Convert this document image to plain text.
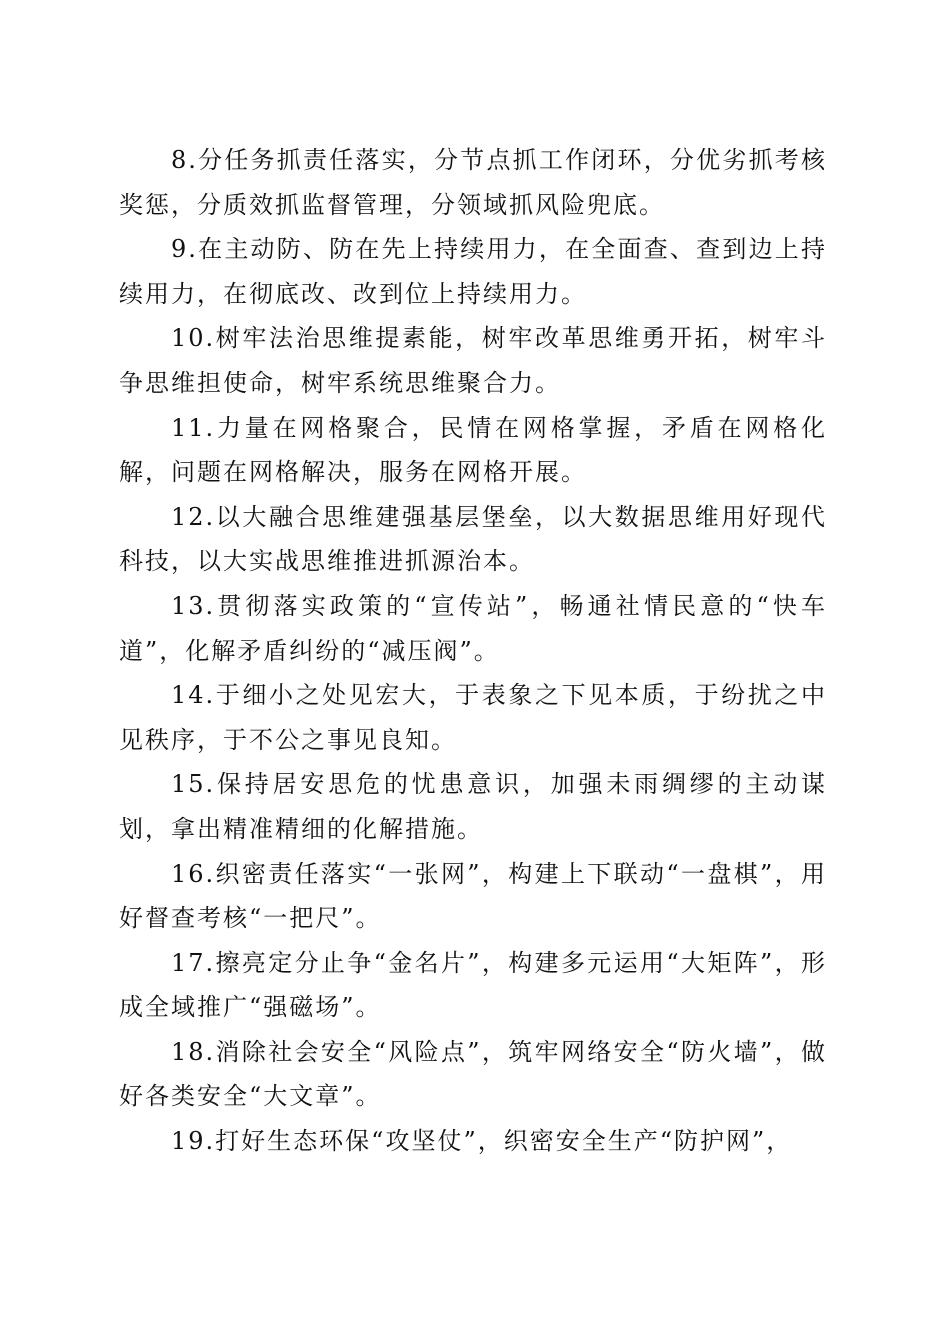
8.分任务抓责任落实，分节点抓工作闭环，分优劣抓考核奖惩，分质效抓监督管理，分领域抓风险兜底。

9.在主动防、防在先上持续用力，在全面查、查到边上持续用力，在彻底改、改到位上持续用力。

10.树牢法治思维提素能，树牢改革思维勇开拓，树牢斗争思维担使命，树牢系统思维聚合力。

11.力量在网格聚合，民情在网格掌握，矛盾在网格化解，问题在网格解决，服务在网格开展。

12.以大融合思维建强基层堡垒，以大数据思维用好现代科技，以大实战思维推进抓源治本。

13.贯彻落实政策的“宣传站”，畅通社情民意的“快车道”，化解矛盾纠纷的“减压阀”。

14.于细小之处见宏大，于表象之下见本质，于纷扰之中见秩序，于不公之事见良知。

15.保持居安思危的忧患意识，加强未雨绸缪的主动谋划，拿出精准精细的化解措施。

16.织密责任落实“一张网”，构建上下联动“一盘棋”，用好督查考核“一把尺”。

17.擦亮定分止争“金名片”，构建多元运用“大矩阵”，形成全域推广“强磁场”。

18.消除社会安全“风险点”，筑牢网络安全“防火墙”，做好各类安全“大文章”。

19.打好生态环保“攻坚仗”，织密安全生产“防护网”，
